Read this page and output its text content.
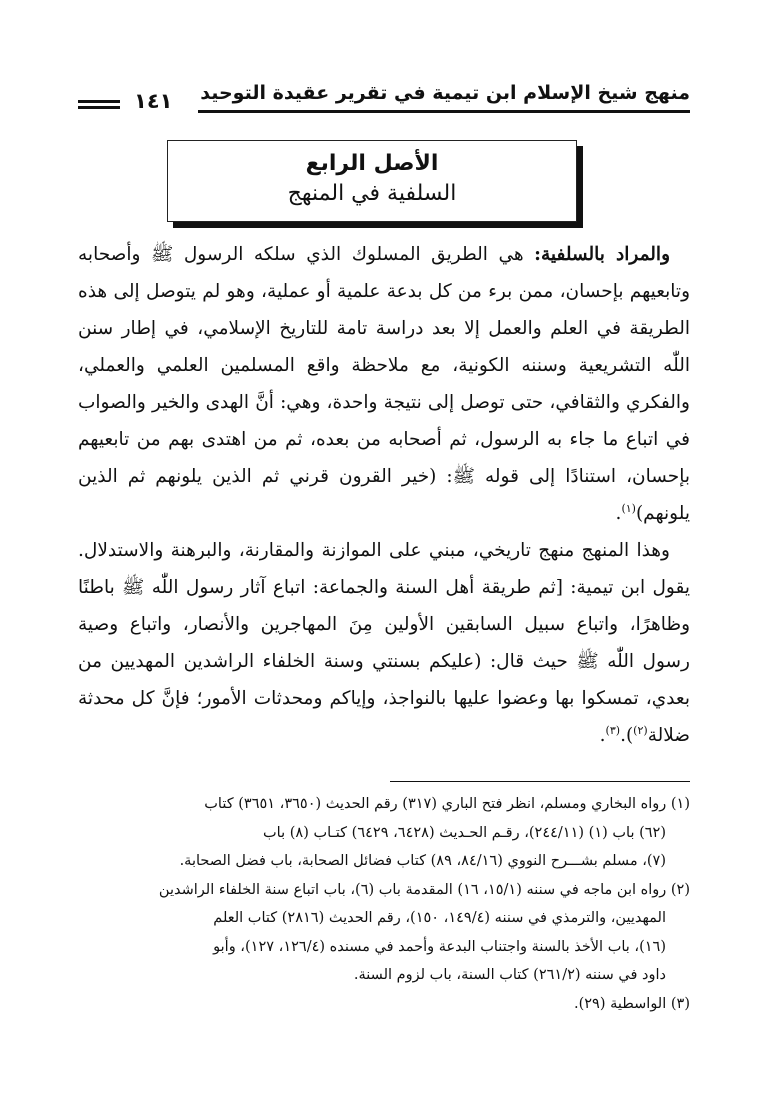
منهج شيخ الإسلام ابن تيمية في تقرير عقيدة التوحيد
١٤١
الأصل الرابع
السلفية في المنهج

والمراد بالسلفية: هي الطريق المسلوك الذي سلكه الرسول ﷺ وأصحابه وتابعيهم بإحسان، ممن برء من كل بدعة علمية أو عملية، وهو لم يتوصل إلى هذه الطريقة في العلم والعمل إلا بعد دراسة تامة للتاريخ الإسلامي، في إطار سنن اللّٰه التشريعية وسننه الكونية، مع ملاحظة واقع المسلمين العلمي والعملي، والفكري والثقافي، حتى توصل إلى نتيجة واحدة، وهي: أنَّ الهدى والخير والصواب في اتباع ما جاء به الرسول، ثم أصحابه من بعده، ثم من اهتدى بهم من تابعيهم بإحسان، استنادًا إلى قوله ﷺ: (خير القرون قرني ثم الذين يلونهم ثم الذين يلونهم)$^{(١)}$.

وهذا المنهج منهج تاريخي، مبني على الموازنة والمقارنة، والبرهنة والاستدلال. يقول ابن تيمية: [ثم طريقة أهل السنة والجماعة: اتباع آثار رسول اللّٰه ﷺ باطنًا وظاهرًا، واتباع سبيل السابقين الأولين مِنَ المهاجرين والأنصار، واتباع وصية رسول اللّٰه ﷺ حيث قال: (عليكم بسنتي وسنة الخلفاء الراشدين المهديين من بعدي، تمسكوا بها وعضوا عليها بالنواجذ، وإياكم ومحدثات الأمور؛ فإنَّ كل محدثة ضلالة$^{(٢)}$).$^{(٣)}$.

(١) رواه البخاري ومسلم، انظر فتح الباري (٣١٧) رقم الحديث (٣٦٥٠، ٣٦٥١) كتاب

(٦٢) باب (١) (٢٤٤/١١)، رقـم الحـديث (٦٤٢٨، ٦٤٢٩) كتـاب (٨) باب

(٧)، مسلم بشـــرح النووي (٨٤/١٦، ٨٩) كتاب فضائل الصحابة، باب فضل الصحابة.

(٢) رواه ابن ماجه في سننه (١٥/١، ١٦) المقدمة باب (٦)، باب اتباع سنة الخلفاء الراشدين

المهديين، والترمذي في سننه (١٤٩/٤، ١٥٠)، رقم الحديث (٢٨١٦) كتاب العلم

(١٦)، باب الأخذ بالسنة واجتناب البدعة وأحمد في مسنده (١٢٦/٤، ١٢٧)، وأبو

داود في سننه (٢٦١/٢) كتاب السنة، باب لزوم السنة.

(٣) الواسطية (٢٩).
